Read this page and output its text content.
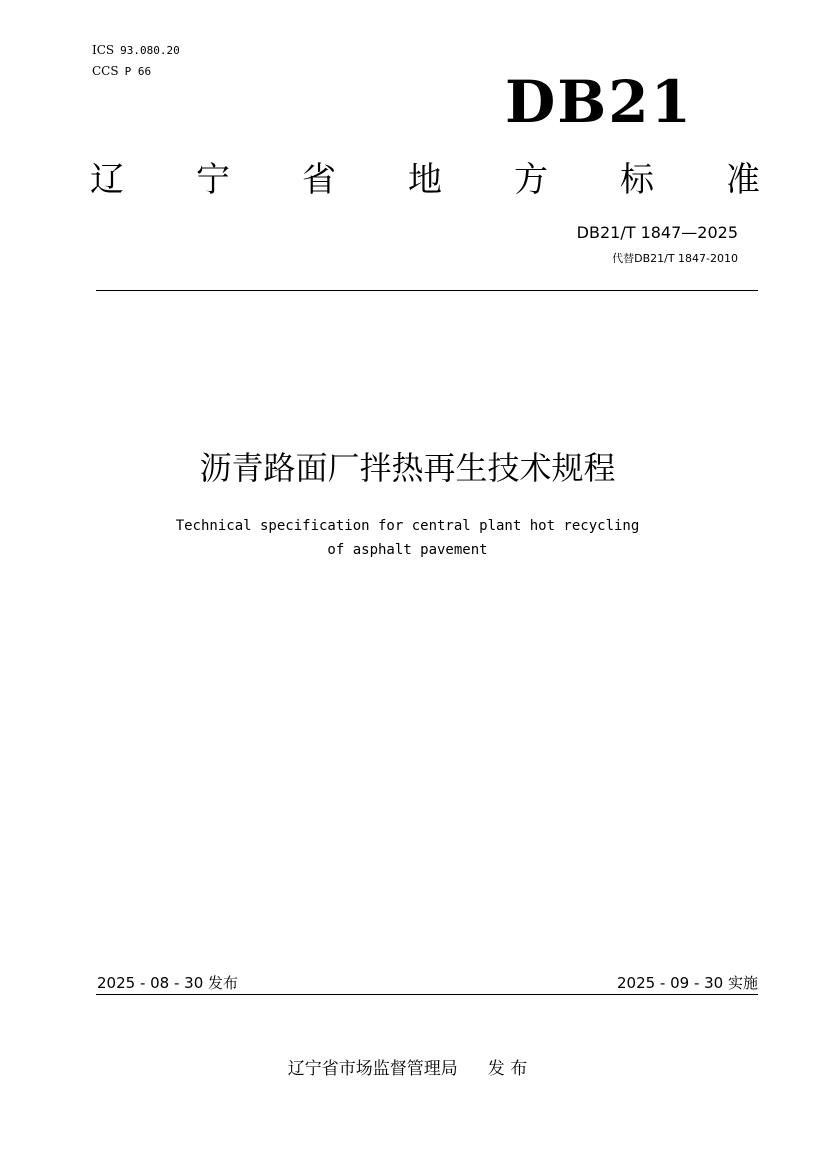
ICS 93.080.20
CCS P 66	DB21
辽 宁 省 地 方 标 准
DB21/T 1847—2025
代替DB21/T 1847-2010
沥青路面厂拌热再生技术规程
Technical specification for central plant hot recycling
of asphalt pavement
2025 - 08 - 30 发布	2025 - 09 - 30 实施
辽宁省市场监督管理局 发 布
